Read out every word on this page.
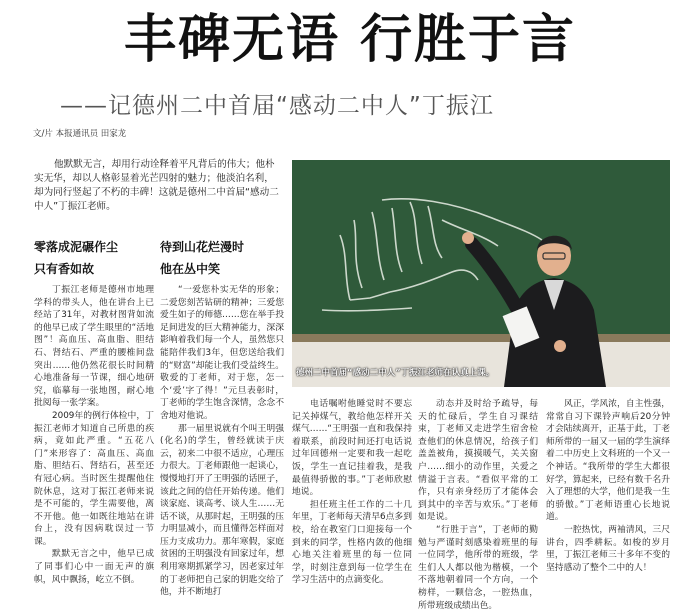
丰碑无语 行胜于言
——记德州二中首届“感动二中人”丁振江
文/片 本报通讯员 田家龙
他默默无言，却用行动诠释着平凡背后的伟大；他朴实无华，却以人格彰显着光芒四射的魅力；他淡泊名利，却为同行竖起了不朽的丰碑！这就是德州二中首届“感动二中人”丁振江老师。
零落成泥碾作尘
只有香如故
待到山花烂漫时
他在丛中笑

丁振江老师是德州市地理学科的带头人，他在讲台上已经站了31年，对教材图背如流的他早已成了学生眼里的“活地图”！高血压、高血脂、胆结石、肾结石、严重的腰椎间盘突出……他仍然花很长时间精心地准备每一节课，细心地研究，临摹每一张地图，耐心地批阅每一张学案。

2009年的例行体检中，丁振江老师才知道自己所患的疾病，竟如此严重。“五花八门”来形容了：高血压、高血脂、胆结石、肾结石，甚至还有冠心病。当时医生提醒他住院休息，这对丁振江老师来说是不可能的，学生需要他，离不开他。他一如既往地站在讲台上，没有因病耽误过一节课。

默默无言之中，他早已成了同事们心中一面无声的旗帜，风中飘扬，屹立不倒。

“一爱您朴实无华的形象；二爱您刻苦钻研的精神；三爱您爱生如子的师德……您在举手投足间进发的巨大精神能力，深深影响着我们每一个人，虽然您只能陪伴我们3年，但您送给我们的“财富”却能让我们受益终生。敬爱的丁老师，对于您，怎一个‘爱’字了得！”元旦表彰时，丁老师的学生饱含深情，念念不舍地对他说。

那一届里说就有个叫王明强(化名)的学生，曾经就读于庆云，初来二中很不适应，心理压力很大。丁老师跟他一起谈心，慢慢地打开了王明强的话匣子，该此之间的信任开始传递。他们谈家庭、谈高考、谈人生……无话不谈，从那时起，王明强的压力明显减小，而且懂得怎样面对压力支成功力。那年寒假，家庭贫困的王明强没有回家过年，想利用寒期抓紧学习，因老家过年的丁老师把自己家的钥匙交给了他，并不断地打

德州二中首届“感动二中人”丁振江老师在认真上课。

电话嘱咐他睡觉时不要忘记关掉煤气，教给他怎样开关煤气……“王明强一直和我保持着联系，前段时间还打电话说过年回德州一定要和我一起吃饭，学生一直记挂着我，是我最值得骄傲的事。”丁老师欣慰地说。

担任班主任工作的二十几年里，丁老师每天清早6点多到校，给在教室门口迎接每一个到来的同学，性格内敛的他细心地关注着班里的每一位同学，时刻注意到每一位学生在学习生活中的点滴变化。

动态并及时给予疏导，每天的忙碌后，学生自习课结束，丁老师又走进学生宿舍检查他们的休息情况，给孩子们盖盖被角，摸摸暖气，关关窗户……细小的动作里，关爱之情溢于言表。“看似平常的工作，只有亲身经历了才能体会到其中的辛苦与欢乐。”丁老师如是说。

“行胜于言”，丁老师的勤勉与严谨时刻感染着班里的每一位同学，他所带的班级，学生们人人都以他为楷模，一个不落地朝着同一个方向，一个榜样，一颗信念，一腔热血，所带班级成绩出色。

风正，学风浓，自主性强，常常自习下课铃声响后20分钟才会陆续离开，正基于此，丁老师所带的一届又一届的学生演绎着二中历史上文科班的一个又一个神话。“我所带的学生大都很好学，算起来，已经有数千名升入了理想的大学，他们是我一生的骄傲。”丁老师语重心长地说道。

一腔热忱，两袖清风，三尺讲台，四季耕耘。如梭的岁月里，丁振江老师三十多年不变的坚持感动了整个二中的人！
